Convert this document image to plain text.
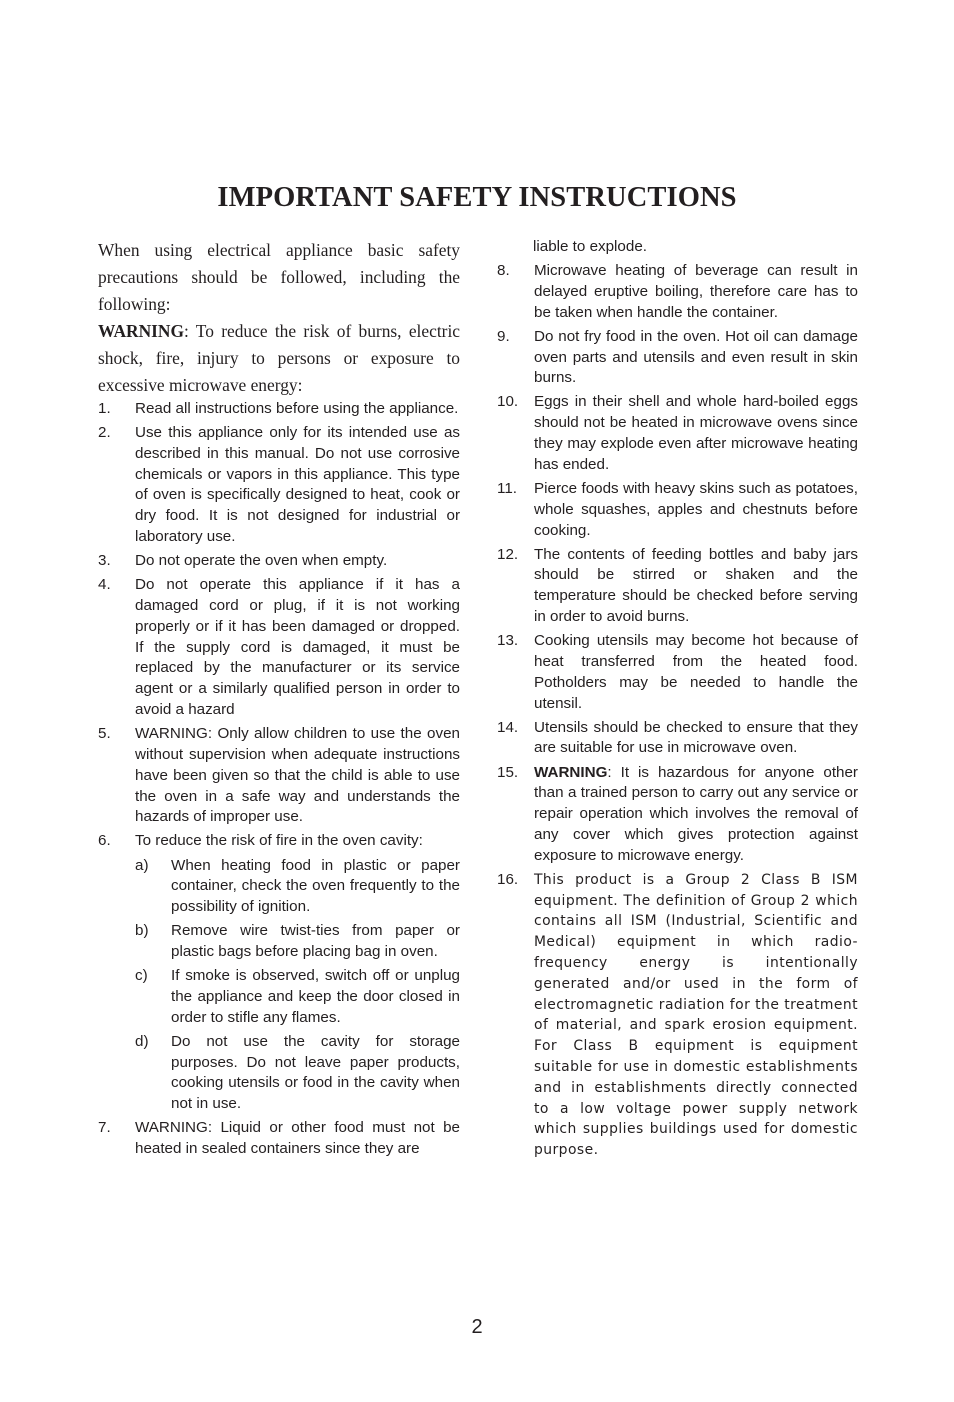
IMPORTANT SAFETY INSTRUCTIONS

When using electrical appliance basic safety precautions should be followed, including the following:

WARNING: To reduce the risk of burns, electric shock, fire, injury to persons or exposure to excessive microwave energy:

1. Read all instructions before using the appliance.
2. Use this appliance only for its intended use as described in this manual. Do not use corrosive chemicals or vapors in this appliance. This type of oven is specifically designed to heat, cook or dry food. It is not designed for industrial or laboratory use.
3. Do not operate the oven when empty.
4. Do not operate this appliance if it has a damaged cord or plug, if it is not working properly or if it has been damaged or dropped. If the supply cord is damaged, it must be replaced by the manufacturer or its service agent or a similarly qualified person in order to avoid a hazard
5. WARNING: Only allow children to use the oven without supervision when adequate instructions have been given so that the child is able to use the oven in a safe way and understands the hazards of improper use.
6. To reduce the risk of fire in the oven cavity:
a) When heating food in plastic or paper container, check the oven frequently to the possibility of ignition.
b) Remove wire twist-ties from paper or plastic bags before placing bag in oven.
c) If smoke is observed, switch off or unplug the appliance and keep the door closed in order to stifle any flames.
d) Do not use the cavity for storage purposes. Do not leave paper products, cooking utensils or food in the cavity when not in use.
7. WARNING: Liquid or other food must not be heated in sealed containers since they are
liable to explode.
8. Microwave heating of beverage can result in delayed eruptive boiling, therefore care has to be taken when handle the container.
9. Do not fry food in the oven. Hot oil can damage oven parts and utensils and even result in skin burns.
10. Eggs in their shell and whole hard-boiled eggs should not be heated in microwave ovens since they may explode even after microwave heating has ended.
11. Pierce foods with heavy skins such as potatoes, whole squashes, apples and chestnuts before cooking.
12. The contents of feeding bottles and baby jars should be stirred or shaken and the temperature should be checked before serving in order to avoid burns.
13. Cooking utensils may become hot because of heat transferred from the heated food. Potholders may be needed to handle the utensil.
14. Utensils should be checked to ensure that they are suitable for use in microwave oven.
15. WARNING: It is hazardous for anyone other than a trained person to carry out any service or repair operation which involves the removal of any cover which gives protection against exposure to microwave energy.
16. This product is a Group 2 Class B ISM equipment. The definition of Group 2 which contains all ISM (Industrial, Scientific and Medical) equipment in which radio-frequency energy is intentionally generated and/or used in the form of electromagnetic radiation for the treatment of material, and spark erosion equipment. For Class B equipment is equipment suitable for use in domestic establishments and in establishments directly connected to a low voltage power supply network which supplies buildings used for domestic purpose.
2
